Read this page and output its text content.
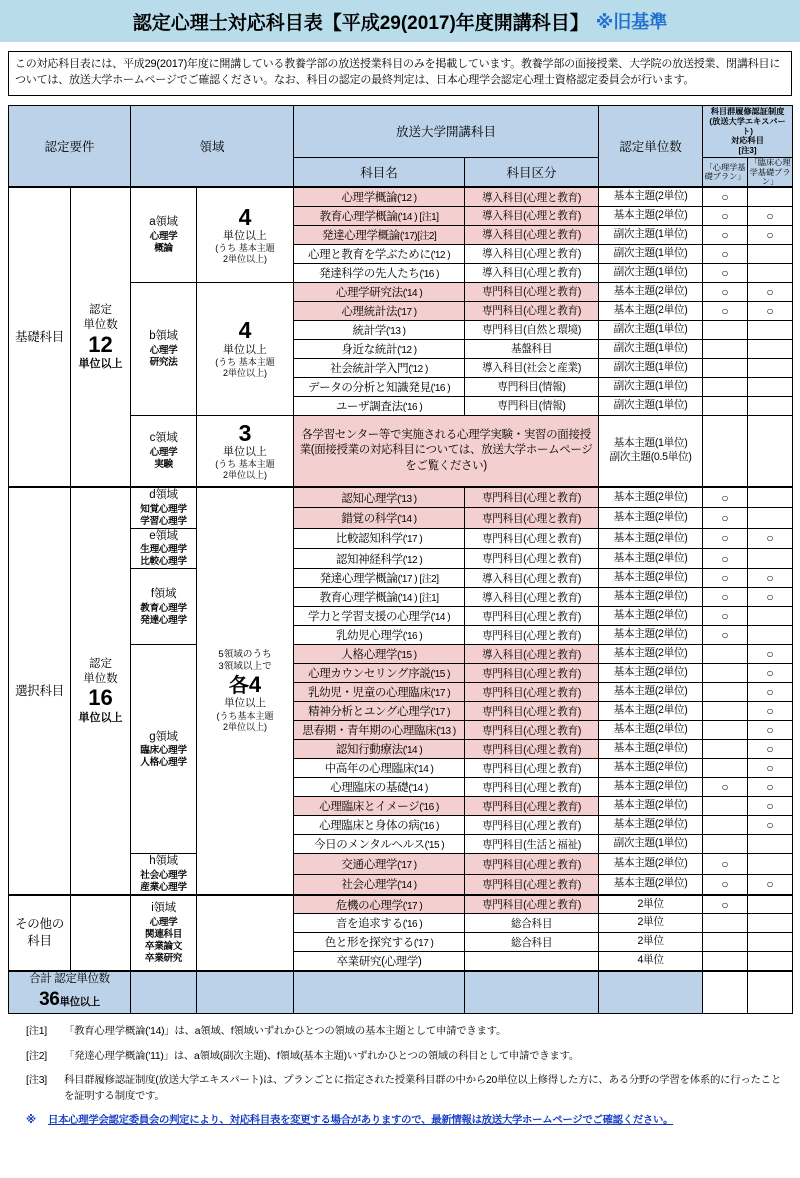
認定心理士対応科目表【平成29(2017)年度開講科目】 ※旧基準
この対応科目表には、平成29(2017)年度に開講している教養学部の放送授業科目のみを掲載しています。教養学部の面接授業、大学院の放送授業、閉講科目については、放送大学ホームページでご確認ください。なお、科目の認定の最終判定は、日本心理学会認定心理士資格認定委員会が行います。
認定要件		領域		放送大学開講科目		認定単位数	科目群履修認証制度
(放送大学エキスパート)
対応科目
[注3]	

				科目名	科目区分		「心理学基礎プラン」	「臨床心理学基礎プラン」
基礎科目	認定
単位数

12
単位以上	
a領域
心理学
概論

4
単位以上
(うち 基本主題
2単位以上)
	心理学概論('12 )	導入科目(心理と教育)	基本主題(2単位)	○	
				教育心理学概論('14 ) [注1]	導入科目(心理と教育)	基本主題(2単位)	○	○
				発達心理学概論('17)[注2]	導入科目(心理と教育)	副次主題(1単位)	○	○
				心理と教育を学ぶために('12 )	導入科目(心理と教育)	副次主題(1単位)	○	
				発達科学の先人たち('16 )	導入科目(心理と教育)	副次主題(1単位)	○	

b領域
心理学
研究法

4
単位以上
(うち 基本主題
2単位以上)
	心理学研究法('14 )	専門科目(心理と教育)	基本主題(2単位)	○	○
				心理統計法('17 )	専門科目(心理と教育)	基本主題(2単位)	○	○
				統計学('13 )	専門科目(自然と環境)	副次主題(1単位)		
				身近な統計('12 )	基盤科目	副次主題(1単位)		
				社会統計学入門('12 )	導入科目(社会と産業)	副次主題(1単位)		
				データの分析と知識発見('16 )	専門科目(情報)	副次主題(1単位)		
				ユーザ調査法('16 )	専門科目(情報)	副次主題(1単位)		

c領域
心理学
実験

3
単位以上
(うち 基本主題
2単位以上)
	各学習センター等で実施される心理学実験・実習の面接授業(面接授業の対応科目については、放送大学ホームページをご覧ください)	基本主題(1単位)
副次主題(0.5単位)		
選択科目	認定
単位数

16
単位以上	
d領域
知覚心理学
学習心理学

5領域のうち
3領域以上で
各4
単位以上
(うち基本主題
2単位以上)
	認知心理学('13 )	専門科目(心理と教育)	基本主題(2単位)	○	
				錯覚の科学('14 )	専門科目(心理と教育)	基本主題(2単位)	○	

		e領域
生理心理学
比較心理学		比較認知科学('17 )	専門科目(心理と教育)	基本主題(2単位)	○	○
				認知神経科学('12 )	専門科目(心理と教育)	基本主題(2単位)	○	

		f領域
教育心理学
発達心理学		発達心理学概論('17 ) [注2]	導入科目(心理と教育)	基本主題(2単位)	○	○
				教育心理学概論('14 ) [注1]	導入科目(心理と教育)	基本主題(2単位)	○	○
				学力と学習支援の心理学('14 )	専門科目(心理と教育)	基本主題(2単位)	○	
				乳幼児心理学('16 )	専門科目(心理と教育)	基本主題(2単位)	○	

		g領域
臨床心理学
人格心理学		人格心理学('15 )	導入科目(心理と教育)	基本主題(2単位)		○
				心理カウンセリング序説('15 )	専門科目(心理と教育)	基本主題(2単位)		○
				乳幼児・児童の心理臨床('17 )	専門科目(心理と教育)	基本主題(2単位)		○
				精神分析とユング心理学('17 )	専門科目(心理と教育)	基本主題(2単位)		○
				思春期・青年期の心理臨床('13 )	専門科目(心理と教育)	基本主題(2単位)		○
				認知行動療法('14 )	専門科目(心理と教育)	基本主題(2単位)		○
				中高年の心理臨床('14 )	専門科目(心理と教育)	基本主題(2単位)		○
				心理臨床の基礎('14 )	専門科目(心理と教育)	基本主題(2単位)	○	○
				心理臨床とイメージ('16 )	専門科目(心理と教育)	基本主題(2単位)		○
				心理臨床と身体の病('16 )	専門科目(心理と教育)	基本主題(2単位)		○
				今日のメンタルヘルス('15 )	専門科目(生活と福祉)	副次主題(1単位)		

		h領域
社会心理学
産業心理学		交通心理学('17 )	専門科目(心理と教育)	基本主題(2単位)	○	
				社会心理学('14 )	専門科目(心理と教育)	基本主題(2単位)	○	○
その他の
科目		
i領域
心理学
関連科目
卒業論文
卒業研究
		危機の心理学('17 )	専門科目(心理と教育)	2単位	○	
				音を追求する('16 )	総合科目	2単位		
				色と形を探究する('17 )	総合科目	2単位		
				卒業研究(心理学)		4単位		
合計 認定単位数
36単位以上								
[注1]	「教育心理学概論('14)」は、a領域、f領域いずれかひとつの領域の基本主題として申請できます。
[注2]	「発達心理学概論('11)」は、a領域(副次主題)、f領域(基本主題)いずれかひとつの領域の科目として申請できます。
[注3]	科目群履修認証制度(放送大学エキスパート)は、プランごとに指定された授業科目群の中から20単位以上修得した方に、ある分野の学習を体系的に行ったことを証明する制度です。
※	日本心理学会認定委員会の判定により、対応科目表を変更する場合がありますので、最新情報は放送大学ホームページでご確認ください。
